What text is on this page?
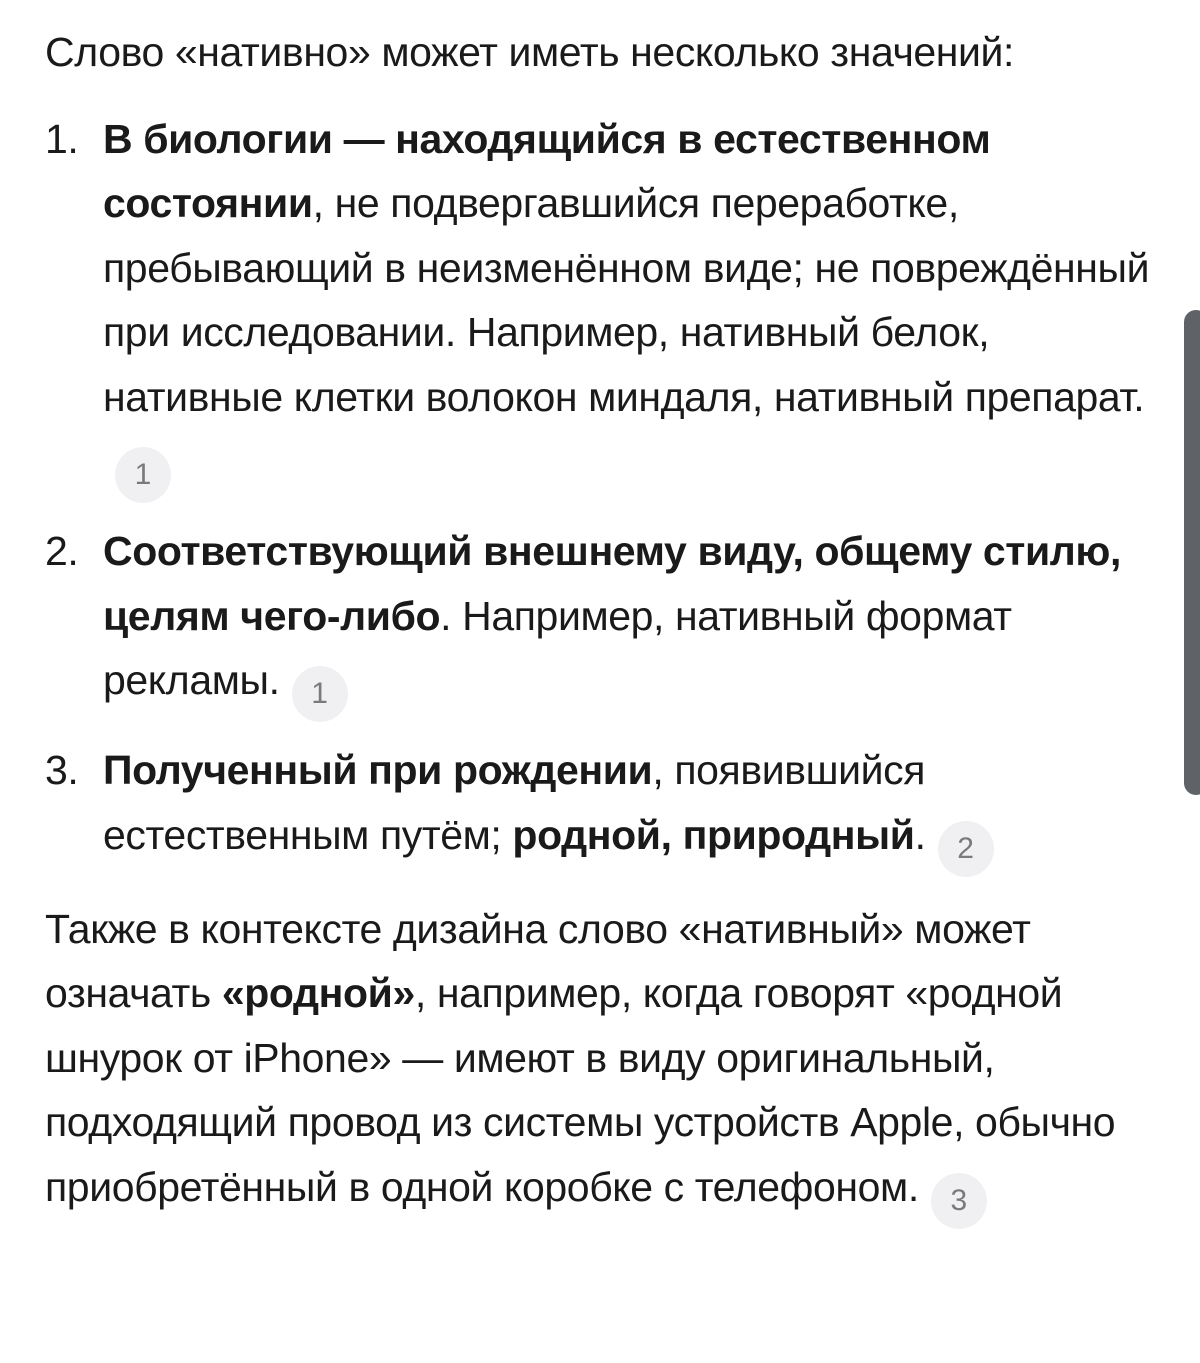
Слово «нативно» может иметь несколько значений:

1. В биологии — находящийся в естественном состоянии, не подвергавшийся переработке, пребывающий в неизменённом виде; не повреждённый при исследовании. Например, нативный белок, нативные клетки волокон миндаля, нативный препарат.1
2. Соответствующий внешнему виду, общему стилю, целям чего-либо. Например, нативный формат рекламы. 1
3. Полученный при рождении, появившийся естественным путём; родной, природный. 2

Также в контексте дизайна слово «нативный» может означать «родной», например, когда говорят «родной шнурок от iPhone» — имеют в виду оригинальный, подходящий провод из системы устройств Apple, обычно приобретённый в одной коробке с телефоном. 3
